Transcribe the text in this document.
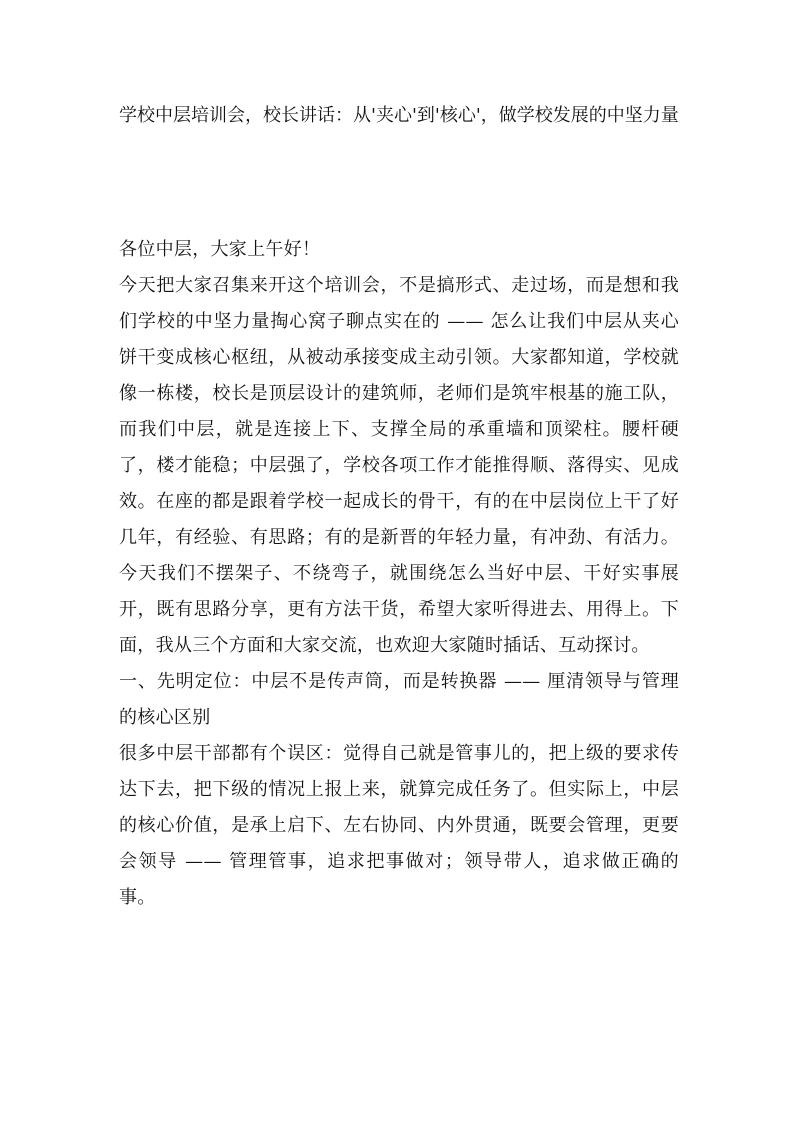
学校中层培训会，校长讲话：从'夹心'到'核心'，做学校发展的中坚力量

各位中层，大家上午好！

今天把大家召集来开这个培训会，不是搞形式、走过场，而是想和我们学校的中坚力量掏心窝子聊点实在的 —— 怎么让我们中层从夹心饼干变成核心枢纽，从被动承接变成主动引领。大家都知道，学校就像一栋楼，校长是顶层设计的建筑师，老师们是筑牢根基的施工队，而我们中层，就是连接上下、支撑全局的承重墙和顶梁柱。腰杆硬了，楼才能稳；中层强了，学校各项工作才能推得顺、落得实、见成效。在座的都是跟着学校一起成长的骨干，有的在中层岗位上干了好几年，有经验、有思路；有的是新晋的年轻力量，有冲劲、有活力。今天我们不摆架子、不绕弯子，就围绕怎么当好中层、干好实事展开，既有思路分享，更有方法干货，希望大家听得进去、用得上。下面，我从三个方面和大家交流，也欢迎大家随时插话、互动探讨。

一、先明定位：中层不是传声筒，而是转换器 —— 厘清领导与管理的核心区别

很多中层干部都有个误区：觉得自己就是管事儿的，把上级的要求传达下去，把下级的情况上报上来，就算完成任务了。但实际上，中层的核心价值，是承上启下、左右协同、内外贯通，既要会管理，更要会领导 —— 管理管事，追求把事做对；领导带人，追求做正确的事。
